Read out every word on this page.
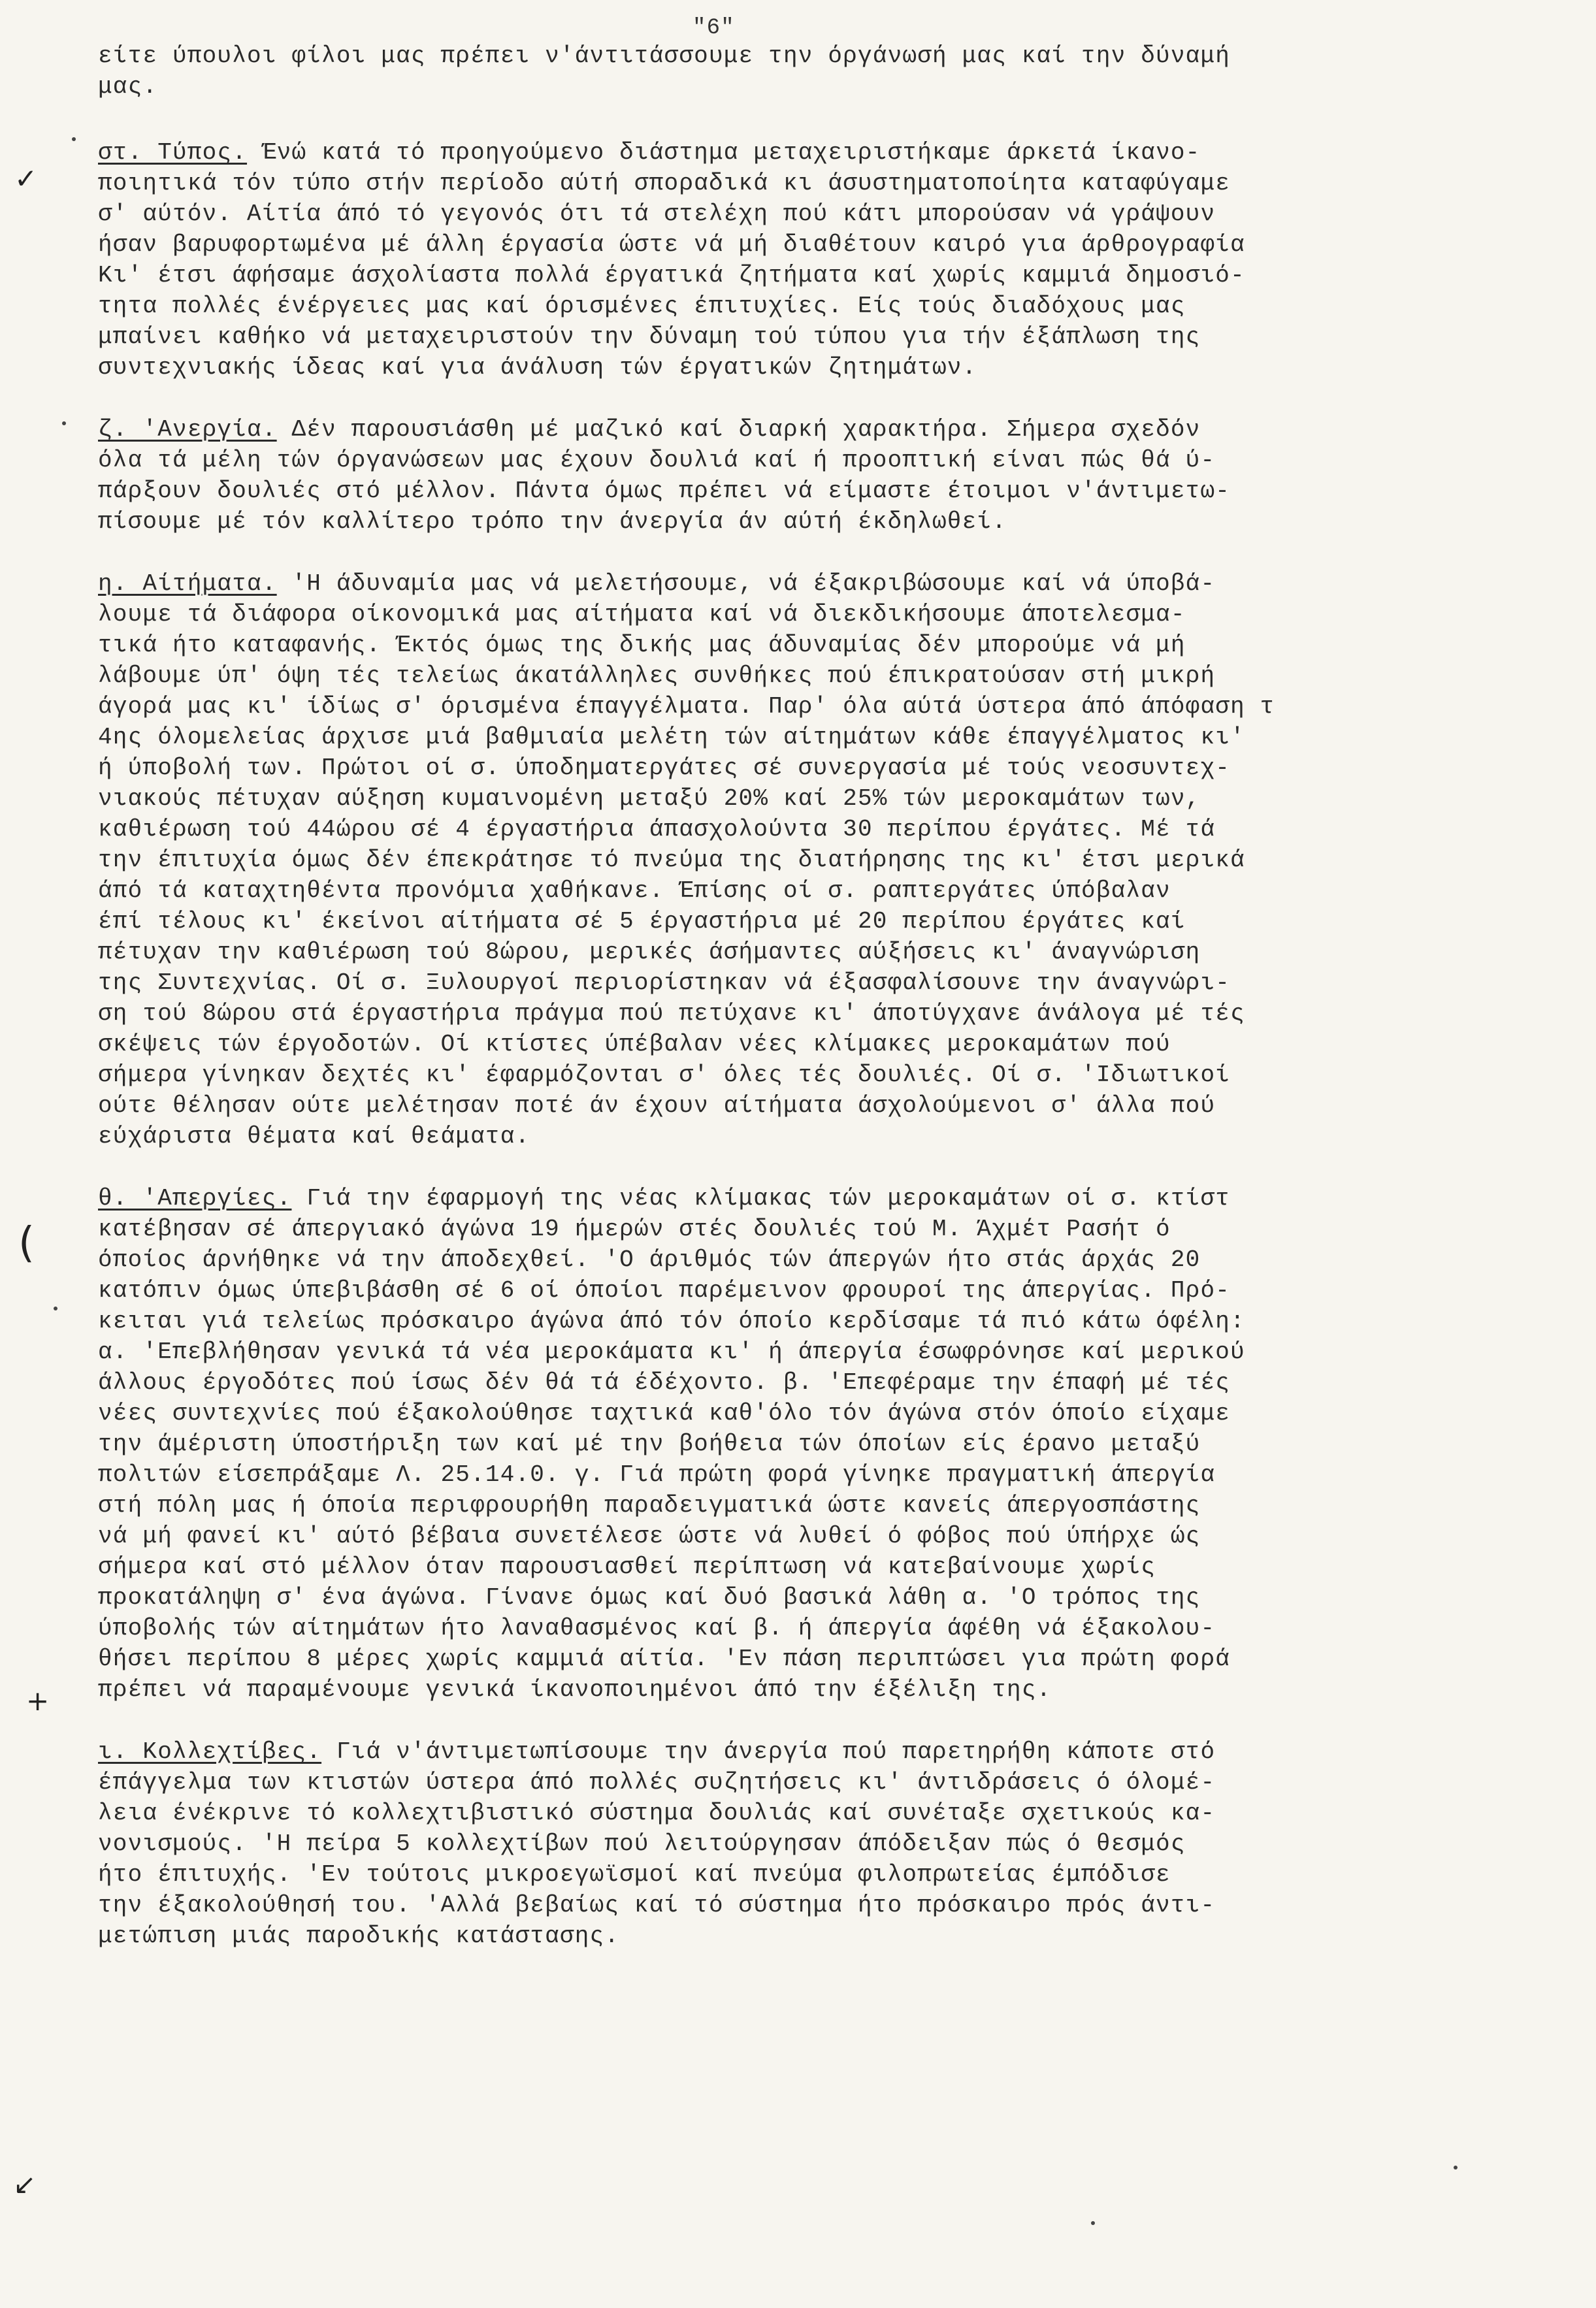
"6"
είτε ύπουλοι φίλοι μας πρέπει ν'άντιτάσσουμε την όργάνωσή μας καί την δύναμή
μας.
στ. Τύπος. Ένώ κατά τό προηγούμενο διάστημα μεταχειριστήκαμε άρκετά ίκανο-
ποιητικά τόν τύπο στήν περίοδο αύτή σποραδικά κι άσυστηματοποίητα καταφύγαμε
σ' αύτόν. Αίτία άπό τό γεγονός ότι τά στελέχη πού κάτι μπορούσαν νά γράψουν
ήσαν βαρυφορτωμένα μέ άλλη έργασία ώστε νά μή διαθέτουν καιρό για άρθρογραφία
Κι' έτσι άφήσαμε άσχολίαστα πολλά έργατικά ζητήματα καί χωρίς καμμιά δημοσιό-
τητα πολλές ένέργειες μας καί όρισμένες έπιτυχίες. Είς τούς διαδόχους μας
μπαίνει καθήκο νά μεταχειριστούν την δύναμη τού τύπου για τήν έξάπλωση της
συντεχνιακής ίδεας καί για άνάλυση τών έργατικών ζητημάτων.
ζ. 'Ανεργία. Δέν παρουσιάσθη μέ μαζικό καί διαρκή χαρακτήρα. Σήμερα σχεδόν
όλα τά μέλη τών όργανώσεων μας έχουν δουλιά καί ή προοπτική είναι πώς θά ύ-
πάρξουν δουλιές στό μέλλον. Πάντα όμως πρέπει νά είμαστε έτοιμοι ν'άντιμετω-
πίσουμε μέ τόν καλλίτερο τρόπο την άνεργία άν αύτή έκδηλωθεί.
η. Αίτήματα. 'Η άδυναμία μας νά μελετήσουμε, νά έξακριβώσουμε καί νά ύποβά-
λουμε τά διάφορα οίκονομικά μας αίτήματα καί νά διεκδικήσουμε άποτελεσμα-
τικά ήτο καταφανής. Έκτός όμως της δικής μας άδυναμίας δέν μπορούμε νά μή
λάβουμε ύπ' όψη τές τελείως άκατάλληλες συνθήκες πού έπικρατούσαν στή μικρή
άγορά μας κι' ίδίως σ' όρισμένα έπαγγέλματα. Παρ' όλα αύτά ύστερα άπό άπόφαση τ
4ης όλομελείας άρχισε μιά βαθμιαία μελέτη τών αίτημάτων κάθε έπαγγέλματος κι'
ή ύποβολή των. Πρώτοι οί σ. ύποδηματεργάτες σέ συνεργασία μέ τούς νεοσυντεχ-
νιακούς πέτυχαν αύξηση κυμαινομένη μεταξύ 20% καί 25% τών μεροκαμάτων των,
καθιέρωση τού 44ώρου σέ 4 έργαστήρια άπασχολούντα 30 περίπου έργάτες. Μέ τά
την έπιτυχία όμως δέν έπεκράτησε τό πνεύμα της διατήρησης της κι' έτσι μερικά
άπό τά καταχτηθέντα προνόμια χαθήκανε. Έπίσης οί σ. ραπτεργάτες ύπόβαλαν
έπί τέλους κι' έκείνοι αίτήματα σέ 5 έργαστήρια μέ 20 περίπου έργάτες καί
πέτυχαν την καθιέρωση τού 8ώρου, μερικές άσήμαντες αύξήσεις κι' άναγνώριση
της Συντεχνίας. Οί σ. Ξυλουργοί περιορίστηκαν νά έξασφαλίσουνε την άναγνώρι-
ση τού 8ώρου στά έργαστήρια πράγμα πού πετύχανε κι' άποτύγχανε άνάλογα μέ τές
σκέψεις τών έργοδοτών. Οί κτίστες ύπέβαλαν νέες κλίμακες μεροκαμάτων πού
σήμερα γίνηκαν δεχτές κι' έφαρμόζονται σ' όλες τές δουλιές. Οί σ. 'Ιδιωτικοί
ούτε θέλησαν ούτε μελέτησαν ποτέ άν έχουν αίτήματα άσχολούμενοι σ' άλλα πού
εύχάριστα θέματα καί θεάματα.
θ. 'Απεργίες. Γιά την έφαρμογή της νέας κλίμακας τών μεροκαμάτων οί σ. κτίστ
κατέβησαν σέ άπεργιακό άγώνα 19 ήμερών στές δουλιές τού Μ. Άχμέτ Ρασήτ ό
όποίος άρνήθηκε νά την άποδεχθεί. 'Ο άριθμός τών άπεργών ήτο στάς άρχάς 20
κατόπιν όμως ύπεβιβάσθη σέ 6 οί όποίοι παρέμεινον φρουροί της άπεργίας. Πρό-
κειται γιά τελείως πρόσκαιρο άγώνα άπό τόν όποίο κερδίσαμε τά πιό κάτω όφέλη:
α. 'Επεβλήθησαν γενικά τά νέα μεροκάματα κι' ή άπεργία έσωφρόνησε καί μερικού
άλλους έργοδότες πού ίσως δέν θά τά έδέχοντο. β. 'Επεφέραμε την έπαφή μέ τές
νέες συντεχνίες πού έξακολούθησε ταχτικά καθ'όλο τόν άγώνα στόν όποίο είχαμε
την άμέριστη ύποστήριξη των καί μέ την βοήθεια τών όποίων είς έρανο μεταξύ
πολιτών είσεπράξαμε Λ. 25.14.0. γ. Γιά πρώτη φορά γίνηκε πραγματική άπεργία
στή πόλη μας ή όποία περιφρουρήθη παραδειγματικά ώστε κανείς άπεργοσπάστης
νά μή φανεί κι' αύτό βέβαια συνετέλεσε ώστε νά λυθεί ό φόβος πού ύπήρχε ώς
σήμερα καί στό μέλλον όταν παρουσιασθεί περίπτωση νά κατεβαίνουμε χωρίς
προκατάληψη σ' ένα άγώνα. Γίνανε όμως καί δυό βασικά λάθη α. 'Ο τρόπος της
ύποβολής τών αίτημάτων ήτο λαναθασμένος καί β. ή άπεργία άφέθη νά έξακολου-
θήσει περίπου 8 μέρες χωρίς καμμιά αίτία. 'Εν πάση περιπτώσει για πρώτη φορά
πρέπει νά παραμένουμε γενικά ίκανοποιημένοι άπό την έξέλιξη της.
ι. Κολλεχτίβες. Γιά ν'άντιμετωπίσουμε την άνεργία πού παρετηρήθη κάποτε στό
έπάγγελμα των κτιστών ύστερα άπό πολλές συζητήσεις κι' άντιδράσεις ό όλομέ-
λεια ένέκρινε τό κολλεχτιβιστικό σύστημα δουλιάς καί συνέταξε σχετικούς κα-
νονισμούς. 'Η πείρα 5 κολλεχτίβων πού λειτούργησαν άπόδειξαν πώς ό θεσμός
ήτο έπιτυχής. 'Εν τούτοις μικροεγωϊσμοί καί πνεύμα φιλοπρωτείας έμπόδισε
την έξακολούθησή του. 'Αλλά βεβαίως καί τό σύστημα ήτο πρόσκαιρο πρός άντι-
μετώπιση μιάς παροδικής κατάστασης.
✓
(
+
↙
